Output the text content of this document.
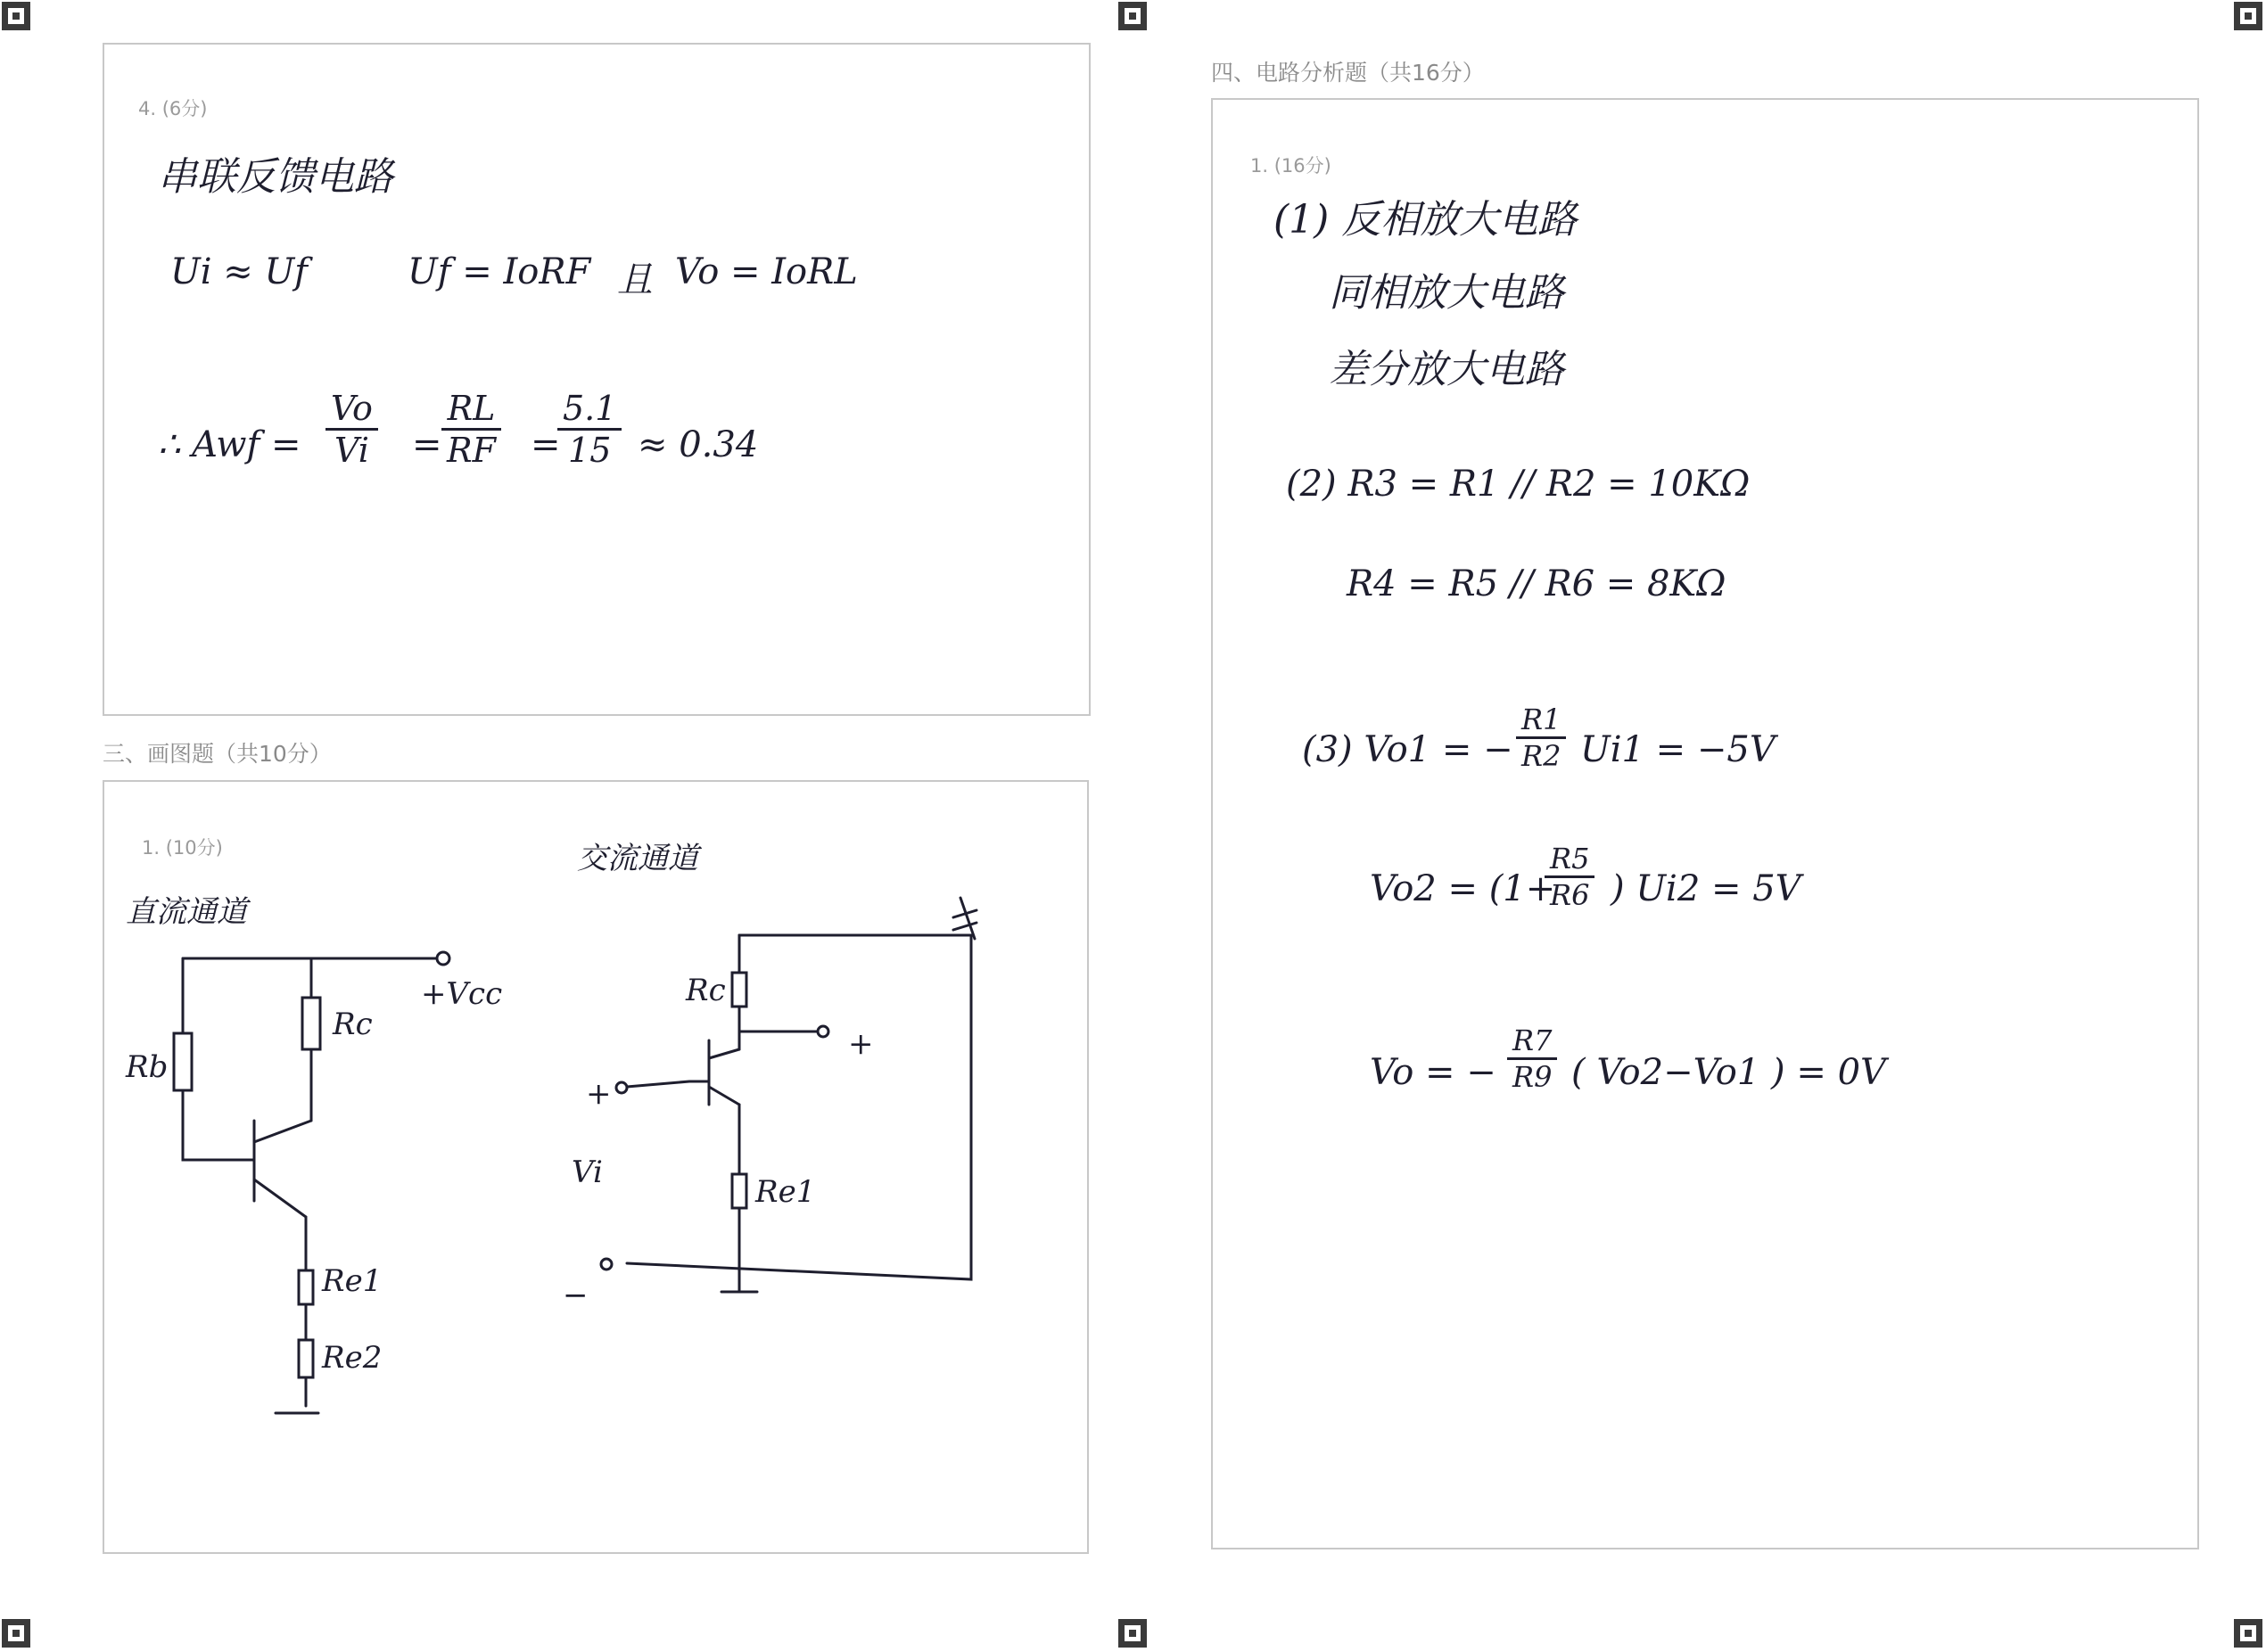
4. (6分)
串联反馈电路
Ui ≈ Uf	Uf = IoRF 且 Vo = IoRL
∴ Awf =
Vo
Vi =
RL
RF =
5.1
15 ≈ 0.34
三、画图题（共10分）
1. (10分)
直流通道
交流通道
Rb
Rc
+Vcc
Re1
Re2
Rc
Re1
Vi
+
+
−
四、电路分析题（共16分）
1. (16分)
(1) 反相放大电路
同相放大电路
差分放大电路
(2) R3 = R1 // R2 = 10KΩ
R4 = R5 // R6 = 8KΩ
(3) Vo1 = −
R1
R2 Ui1 = −5V
Vo2 = (1+
R5
R6 ) Ui2 = 5V
Vo = −
R7
R9 ( Vo2−Vo1 ) = 0V
